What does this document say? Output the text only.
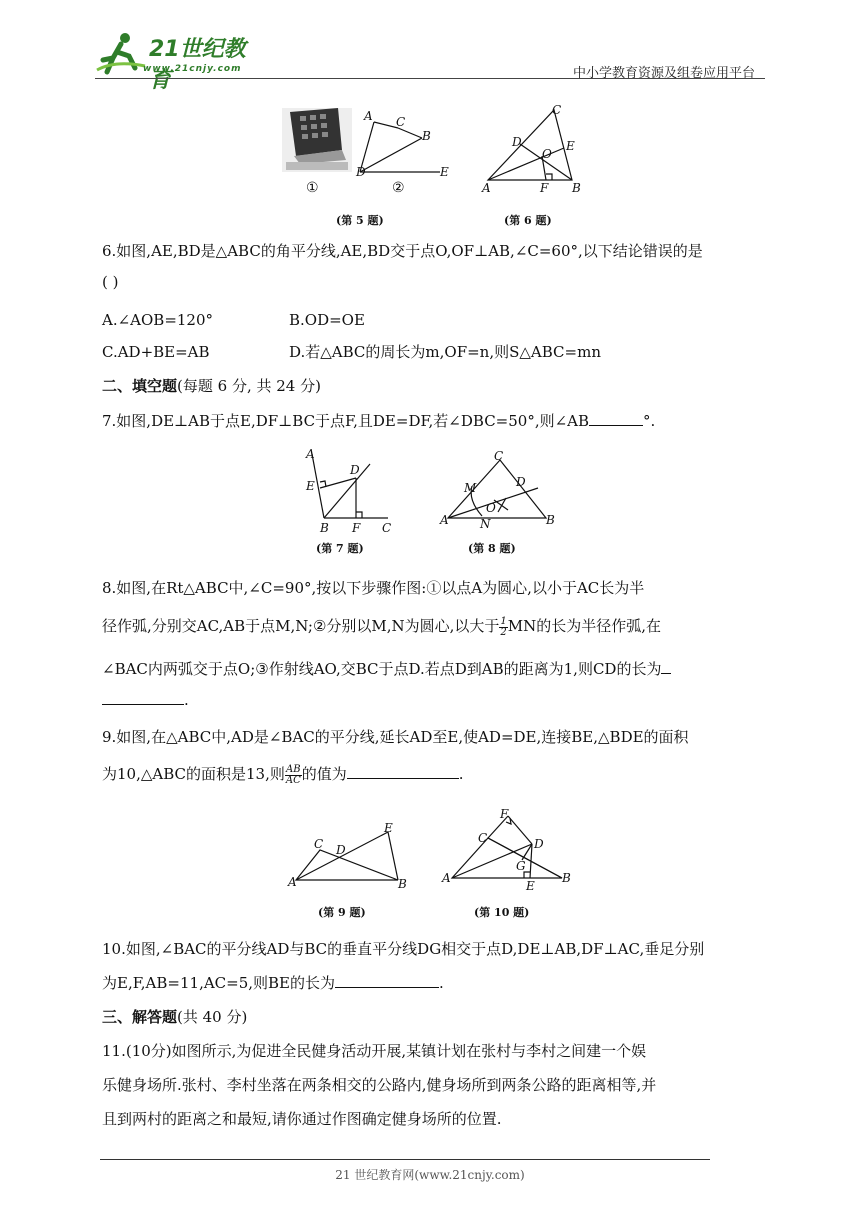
21世纪教育
www.21cnjy.com	中小学教育资源及组卷应用平台
①
A C
B
D	E
②
(第 5 题)
A	B
C
D	E
O
F
(第 6 题)
6.如图,AE,BD是△ABC的角平分线,AE,BD交于点O,OF⊥AB,∠C=60°,以下结论错误的是
( )
A.∠AOB=120°	B.OD=OE
C.AD+BE=AB	D.若△ABC的周长为m,OF=n,则S△ABC=mn
二、填空题(每题 6 分, 共 24 分)
7.如图,DE⊥AB于点E,DF⊥BC于点F,且DE=DF,若∠DBC=50°,则∠AB	°.
A
E
D
B F C
(第 7 题)
A	B
C
D
M
N
O
(第 8 题)
8.如图,在Rt△ABC中,∠C=90°,按以下步骤作图:①以点A为圆心,以小于AC长为半
径作弧,分别交AC,AB于点M,N;②分别以M,N为圆心,以大于 $\frac{1}{2}$ MN的长为半径作弧,在
∠BAC内两弧交于点O;③作射线AO,交BC于点D.若点D到AB的距离为1,则CD的长为
.
9.如图,在△ABC中,AD是∠BAC的平分线,延长AD至E,使AD=DE,连接BE,△BDE的面积
为10,△ABC的面积是13,则 $\frac{AB}{AC}$ 的值为	.
A	B
C D
E
(第 9 题)
A	B
C	D
E
F
G
(第 10 题)
10.如图,∠BAC的平分线AD与BC的垂直平分线DG相交于点D,DE⊥AB,DF⊥AC,垂足分别
为E,F,AB=11,AC=5,则BE的长为	.
三、解答题(共 40 分)
11.(10分)如图所示,为促进全民健身活动开展,某镇计划在张村与李村之间建一个娱
乐健身场所.张村、李村坐落在两条相交的公路内,健身场所到两条公路的距离相等,并
且到两村的距离之和最短,请你通过作图确定健身场所的位置.
21 世纪教育网(www.21cnjy.com)
